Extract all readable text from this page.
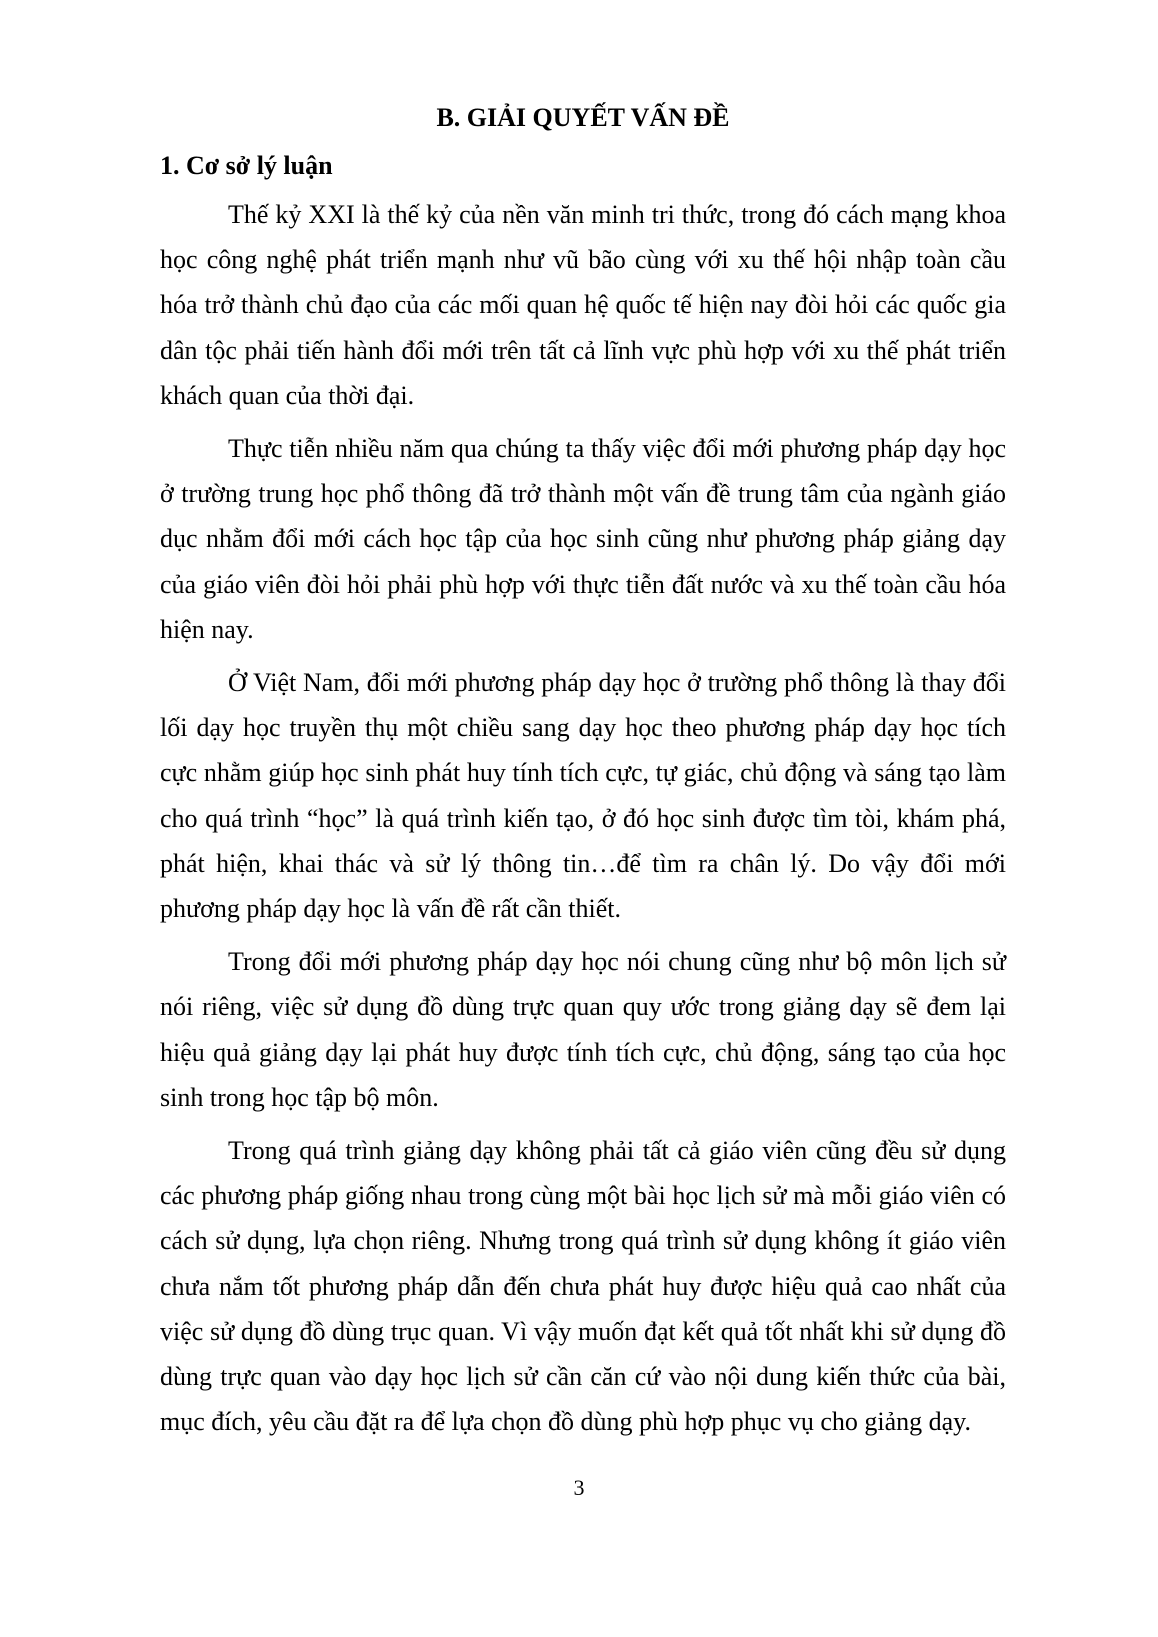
B. GIẢI QUYẾT VẤN ĐỀ
1. Cơ sở lý luận

Thế kỷ XXI là thế kỷ của nền văn minh tri thức, trong đó cách mạng khoa học công nghệ phát triển mạnh như vũ bão cùng với xu thế hội nhập toàn cầu hóa trở thành chủ đạo của các mối quan hệ quốc tế hiện nay đòi hỏi các quốc gia dân tộc phải tiến hành đổi mới trên tất cả lĩnh vực phù hợp với xu thế phát triển khách quan của thời đại.

Thực tiễn nhiều năm qua chúng ta thấy việc đổi mới phương pháp dạy học ở trường trung học phổ thông đã trở thành một vấn đề trung tâm của ngành giáo dục nhằm đổi mới cách học tập của học sinh cũng như phương pháp giảng dạy của giáo viên đòi hỏi phải phù hợp với thực tiễn đất nước và xu thế toàn cầu hóa hiện nay.

Ở Việt Nam, đổi mới phương pháp dạy học ở trường phổ thông là thay đổi lối dạy học truyền thụ một chiều sang dạy học theo phương pháp dạy học tích cực nhằm giúp học sinh phát huy tính tích cực, tự giác, chủ động và sáng tạo làm cho quá trình “học” là quá trình kiến tạo, ở đó học sinh được tìm tòi, khám phá, phát hiện, khai thác và sử lý thông tin…để tìm ra chân lý. Do vậy đổi mới phương pháp dạy học là vấn đề rất cần thiết.

Trong đổi mới phương pháp dạy học nói chung cũng như bộ môn lịch sử nói riêng, việc sử dụng đồ dùng trực quan quy ước trong giảng dạy sẽ đem lại hiệu quả giảng dạy lại phát huy được tính tích cực, chủ động, sáng tạo của học sinh trong học tập bộ môn.

Trong quá trình giảng dạy không phải tất cả giáo viên cũng đều sử dụng các phương pháp giống nhau trong cùng một bài học lịch sử mà mỗi giáo viên có cách sử dụng, lựa chọn riêng. Nhưng trong quá trình sử dụng không ít giáo viên chưa nắm tốt phương pháp dẫn đến chưa phát huy được hiệu quả cao nhất của việc sử dụng đồ dùng trục quan. Vì vậy muốn đạt kết quả tốt nhất khi sử dụng đồ dùng trực quan vào dạy học lịch sử cần căn cứ vào nội dung kiến thức của bài, mục đích, yêu cầu đặt ra để lựa chọn đồ dùng phù hợp phục vụ cho giảng dạy.

3
